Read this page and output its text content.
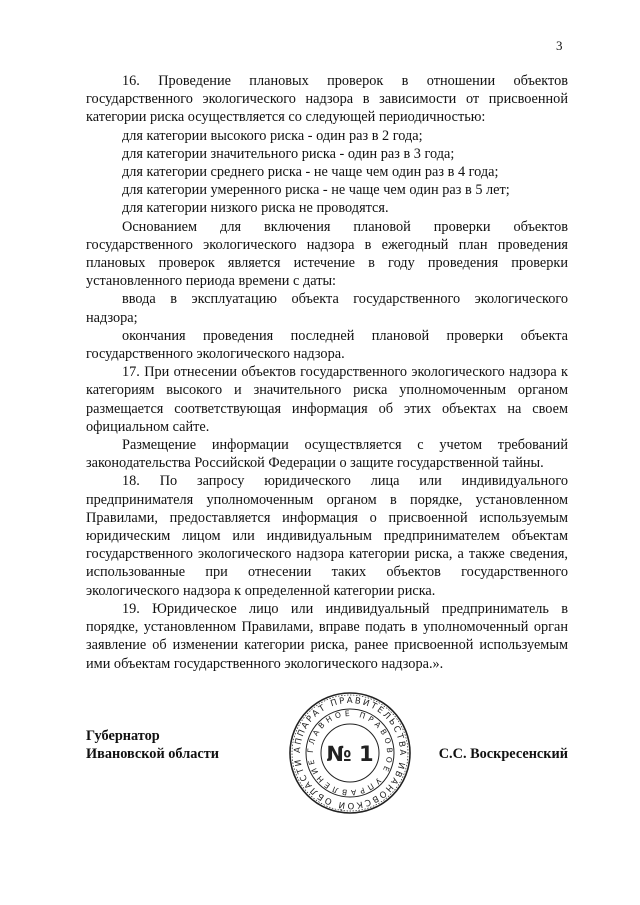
3

16. Проведение плановых проверок в отношении объектов государственного экологического надзора в зависимости от присвоенной категории риска осуществляется со следующей периодичностью:

для категории высокого риска - один раз в 2 года;

для категории значительного риска - один раз в 3 года;

для категории среднего риска - не чаще чем один раз в 4 года;

для категории умеренного риска - не чаще чем один раз в 5 лет;

для категории низкого риска не проводятся.

Основанием для включения плановой проверки объектов государственного экологического надзора в ежегодный план проведения плановых проверок является истечение в году проведения проверки установленного периода времени с даты:

ввода в эксплуатацию объекта государственного экологического надзора;

окончания проведения последней плановой проверки объекта государственного экологического надзора.

17. При отнесении объектов государственного экологического надзора к категориям высокого и значительного риска уполномоченным органом размещается соответствующая информация об этих объектах на своем официальном сайте.

Размещение информации осуществляется с учетом требований законодательства Российской Федерации о защите государственной тайны.

18. По запросу юридического лица или индивидуального предпринимателя уполномоченным органом в порядке, установленном Правилами, предоставляется информация о присвоенной используемым юридическим лицом или индивидуальным предпринимателем объектам государственного экологического надзора категории риска, а также сведения, использованные при отнесении таких объектов государственного экологического надзора к определенной категории риска.

19. Юридическое лицо или индивидуальный предприниматель в порядке, установленном Правилами, вправе подать в уполномоченный орган заявление об изменении категории риска, ранее присвоенной используемым ими объектам государственного экологического надзора.».

Губернатор
Ивановской области	АППАРАТ ПРАВИТЕЛЬСТВА ИВАНОВСКОЙ ОБЛАСТИ
ГЛАВНОЕ ПРАВОВОЕ УПРАВЛЕНИЕ № 1	С.С. Воскресенский
